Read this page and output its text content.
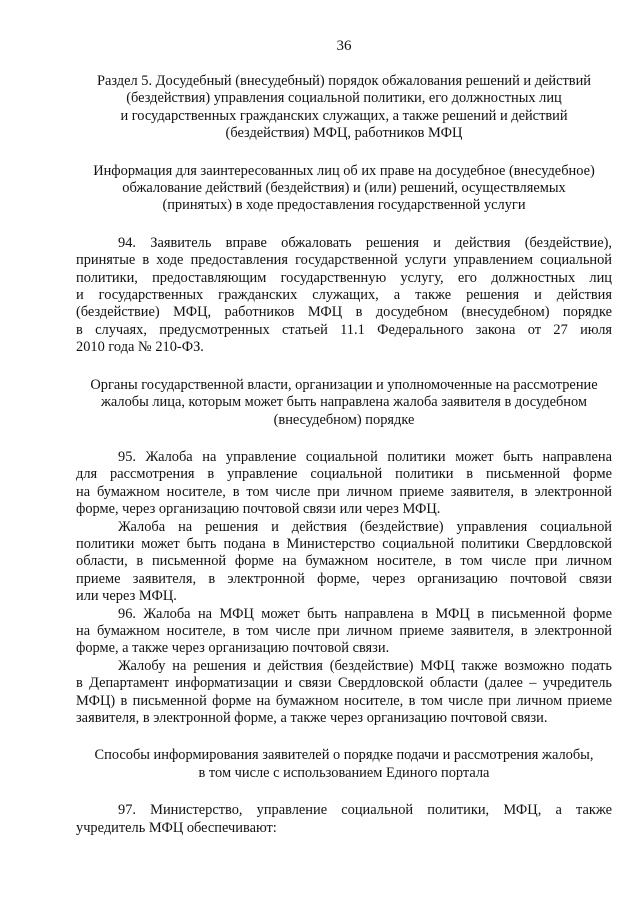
36
Раздел 5. Досудебный (внесудебный) порядок обжалования решений и действий
(бездействия) управления социальной политики, его должностных лиц
и государственных гражданских служащих, а также решений и действий
(бездействия) МФЦ, работников МФЦ
Информация для заинтересованных лиц об их праве на досудебное (внесудебное)
обжалование действий (бездействия) и (или) решений, осуществляемых
(принятых) в ходе предоставления государственной услуги
94. Заявитель вправе обжаловать решения и действия (бездействие),
принятые в ходе предоставления государственной услуги управлением социальной
политики, предоставляющим государственную услугу, его должностных лиц
и государственных гражданских служащих, а также решения и действия
(бездействие) МФЦ, работников МФЦ в досудебном (внесудебном) порядке
в случаях, предусмотренных статьей 11.1 Федерального закона от 27 июля
2010 года № 210-ФЗ.
Органы государственной власти, организации и уполномоченные на рассмотрение
жалобы лица, которым может быть направлена жалоба заявителя в досудебном
(внесудебном) порядке
95. Жалоба на управление социальной политики может быть направлена
для рассмотрения в управление социальной политики в письменной форме
на бумажном носителе, в том числе при личном приеме заявителя, в электронной
форме, через организацию почтовой связи или через МФЦ.
Жалоба на решения и действия (бездействие) управления социальной
политики может быть подана в Министерство социальной политики Свердловской
области, в письменной форме на бумажном носителе, в том числе при личном
приеме заявителя, в электронной форме, через организацию почтовой связи
или через МФЦ.
96. Жалоба на МФЦ может быть направлена в МФЦ в письменной форме
на бумажном носителе, в том числе при личном приеме заявителя, в электронной
форме, а также через организацию почтовой связи.
Жалобу на решения и действия (бездействие) МФЦ также возможно подать
в Департамент информатизации и связи Свердловской области (далее – учредитель
МФЦ) в письменной форме на бумажном носителе, в том числе при личном приеме
заявителя, в электронной форме, а также через организацию почтовой связи.
Способы информирования заявителей о порядке подачи и рассмотрения жалобы,
в том числе с использованием Единого портала
97. Министерство, управление социальной политики, МФЦ, а также
учредитель МФЦ обеспечивают:
